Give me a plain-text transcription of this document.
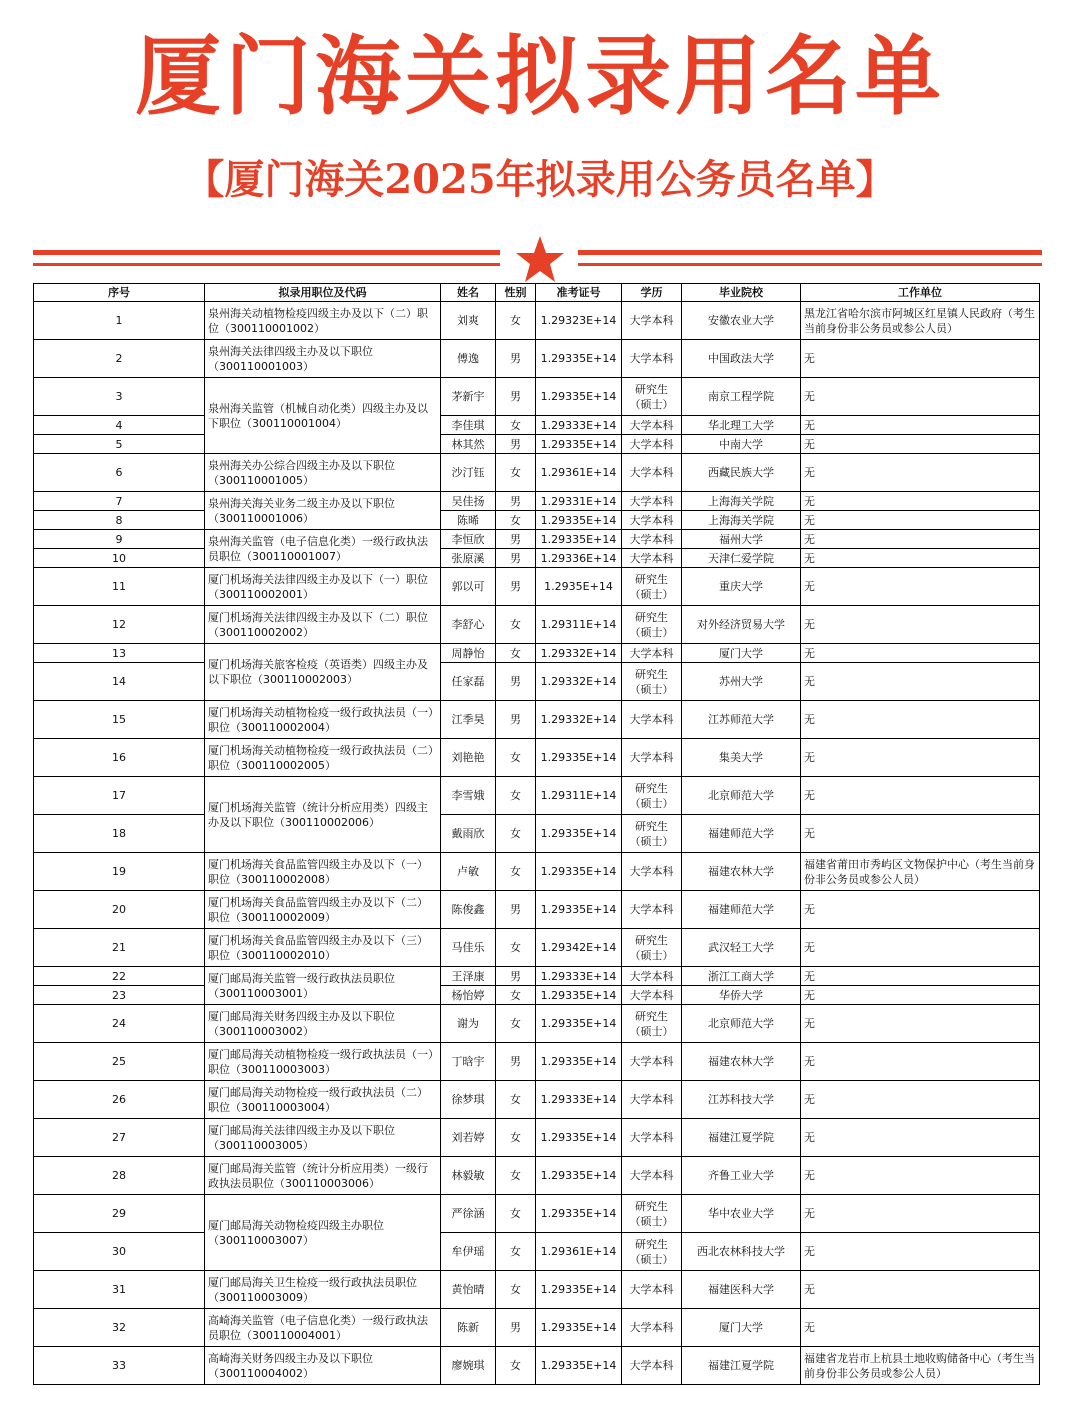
厦门海关拟录用名单
【厦门海关2025年拟录用公务员名单】
序号	拟录用职位及代码	姓名	性别	准考证号	学历	毕业院校	工作单位
1	泉州海关动植物检疫四级主办及以下（二）职位（300110001002）	刘爽	女	1.29323E+14	大学本科	安徽农业大学	黑龙江省哈尔滨市阿城区红星镇人民政府（考生当前身份非公务员或参公人员）
2	泉州海关法律四级主办及以下职位（300110001003）	傅逸	男	1.29335E+14	大学本科	中国政法大学	无
3	泉州海关监管（机械自动化类）四级主办及以下职位（300110001004）	茅新宇	男	1.29335E+14	研究生（硕士）	南京工程学院	无
4		李佳琪	女	1.29333E+14	大学本科	华北理工大学	无
5		林其然	男	1.29335E+14	大学本科	中南大学	无
6	泉州海关办公综合四级主办及以下职位（300110001005）	沙汀钰	女	1.29361E+14	大学本科	西藏民族大学	无
7	泉州海关海关业务二级主办及以下职位（300110001006）	吴佳扬	男	1.29331E+14	大学本科	上海海关学院	无
8		陈晞	女	1.29335E+14	大学本科	上海海关学院	无
9	泉州海关监管（电子信息化类）一级行政执法员职位（300110001007）	李恒欣	男	1.29335E+14	大学本科	福州大学	无
10		张原溪	男	1.29336E+14	大学本科	天津仁爱学院	无
11	厦门机场海关法律四级主办及以下（一）职位（300110002001）	郭以可	男	1.2935E+14	研究生（硕士）	重庆大学	无
12	厦门机场海关法律四级主办及以下（二）职位（300110002002）	李舒心	女	1.29311E+14	研究生（硕士）	对外经济贸易大学	无
13	厦门机场海关旅客检疫（英语类）四级主办及以下职位（300110002003）	周静怡	女	1.29332E+14	大学本科	厦门大学	无
14		任家磊	男	1.29332E+14	研究生（硕士）	苏州大学	无
15	厦门机场海关动植物检疫一级行政执法员（一）职位（300110002004）	江季昊	男	1.29332E+14	大学本科	江苏师范大学	无
16	厦门机场海关动植物检疫一级行政执法员（二）职位（300110002005）	刘艳艳	女	1.29335E+14	大学本科	集美大学	无
17	厦门机场海关监管（统计分析应用类）四级主办及以下职位（300110002006）	李雪娥	女	1.29311E+14	研究生（硕士）	北京师范大学	无
18		戴雨欣	女	1.29335E+14	研究生（硕士）	福建师范大学	无
19	厦门机场海关食品监管四级主办及以下（一）职位（300110002008）	卢敏	女	1.29335E+14	大学本科	福建农林大学	福建省莆田市秀屿区文物保护中心（考生当前身份非公务员或参公人员）
20	厦门机场海关食品监管四级主办及以下（二）职位（300110002009）	陈俊鑫	男	1.29335E+14	大学本科	福建师范大学	无
21	厦门机场海关食品监管四级主办及以下（三）职位（300110002010）	马佳乐	女	1.29342E+14	研究生（硕士）	武汉轻工大学	无
22	厦门邮局海关监管一级行政执法员职位（300110003001）	王泽康	男	1.29333E+14	大学本科	浙江工商大学	无
23		杨怡婷	女	1.29335E+14	大学本科	华侨大学	无
24	厦门邮局海关财务四级主办及以下职位（300110003002）	谢为	女	1.29335E+14	研究生（硕士）	北京师范大学	无
25	厦门邮局海关动植物检疫一级行政执法员（一）职位（300110003003）	丁晗宇	男	1.29335E+14	大学本科	福建农林大学	无
26	厦门邮局海关动物检疫一级行政执法员（二）职位（300110003004）	徐梦琪	女	1.29333E+14	大学本科	江苏科技大学	无
27	厦门邮局海关法律四级主办及以下职位（300110003005）	刘若婷	女	1.29335E+14	大学本科	福建江夏学院	无
28	厦门邮局海关监管（统计分析应用类）一级行政执法员职位（300110003006）	林毅敏	女	1.29335E+14	大学本科	齐鲁工业大学	无
29	厦门邮局海关动物检疫四级主办职位（300110003007）	严徐涵	女	1.29335E+14	研究生（硕士）	华中农业大学	无
30		牟伊瑶	女	1.29361E+14	研究生（硕士）	西北农林科技大学	无
31	厦门邮局海关卫生检疫一级行政执法员职位（300110003009）	黄怡晴	女	1.29335E+14	大学本科	福建医科大学	无
32	高崎海关监管（电子信息化类）一级行政执法员职位（300110004001）	陈新	男	1.29335E+14	大学本科	厦门大学	无
33	高崎海关财务四级主办及以下职位（300110004002）	廖婉琪	女	1.29335E+14	大学本科	福建江夏学院	福建省龙岩市上杭县土地收购储备中心（考生当前身份非公务员或参公人员）
